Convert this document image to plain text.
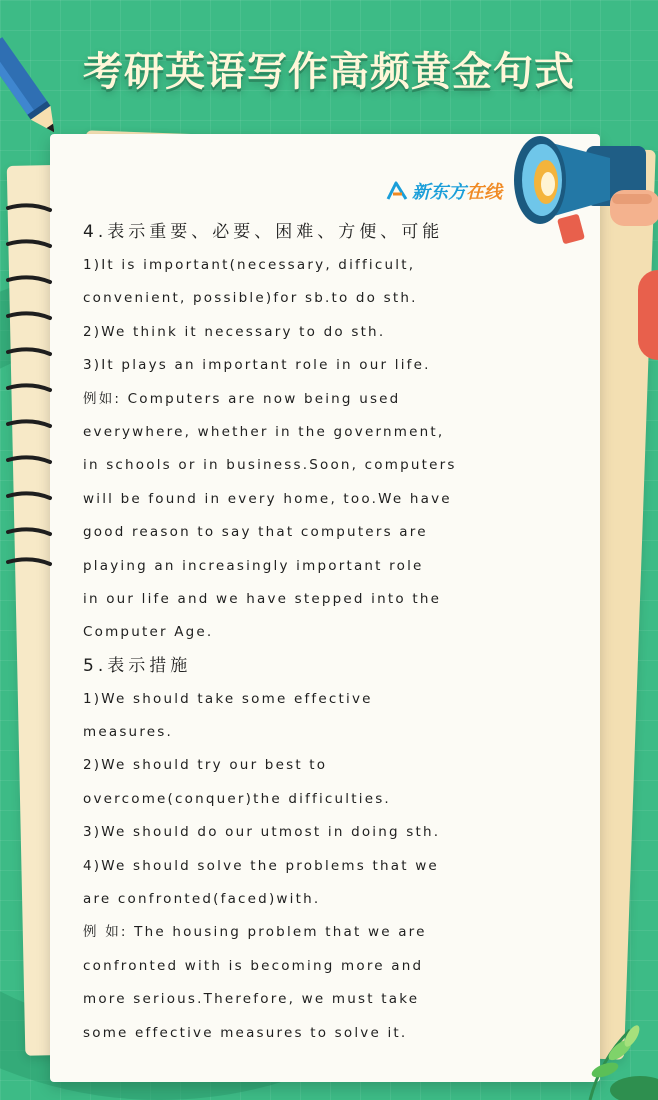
考研英语写作高频黄金句式
新东方在线
4.表示重要、必要、困难、方便、可能
1)It is important(necessary, difficult,
convenient, possible)for sb.to do sth.
2)We think it necessary to do sth.
3)It plays an important role in our life.
例如: Computers are now being used
everywhere, whether in the government,
in schools or in business.Soon, computers
will be found in every home, too.We have
good reason to say that computers are
playing an increasingly important role
in our life and we have stepped into the
Computer Age.
5.表示措施
1)We should take some effective
measures.
2)We should try our best to
overcome(conquer)the difficulties.
3)We should do our utmost in doing sth.
4)We should solve the problems that we
are confronted(faced)with.
例 如: The housing problem that we are
confronted with is becoming more and
more serious.Therefore, we must take
some effective measures to solve it.
